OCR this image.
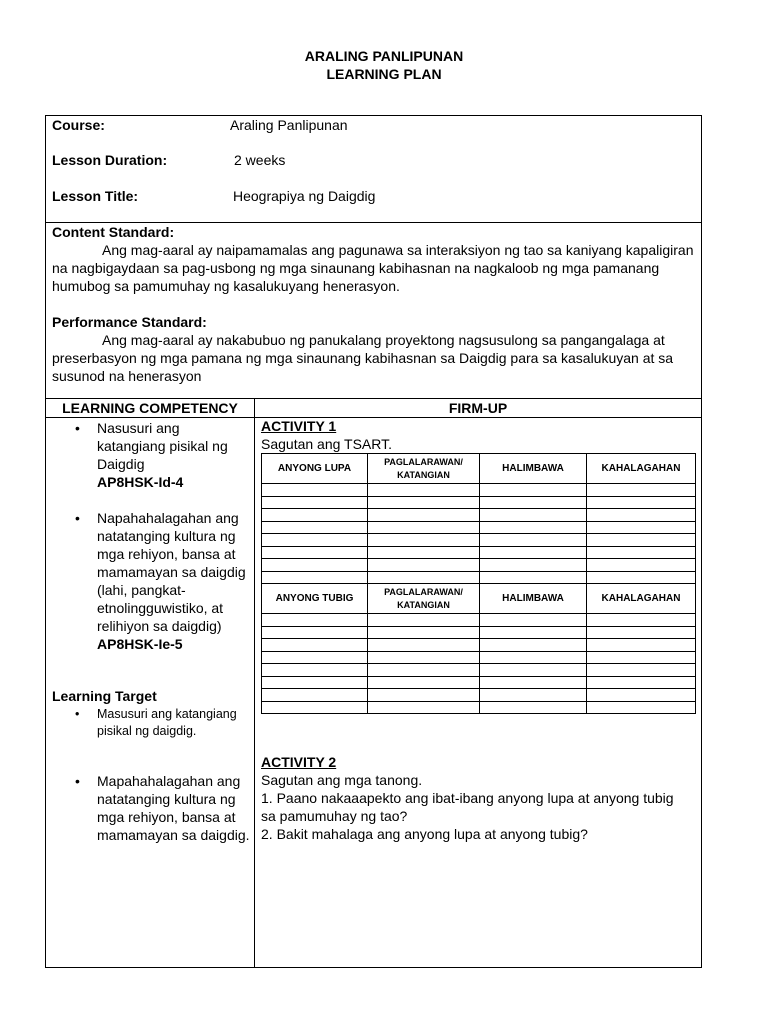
ARALING PANLIPUNAN
LEARNING PLAN
Course:	Araling Panlipunan
Lesson Duration:	2 weeks
Lesson Title:	Heograpiya ng Daigdig
Content Standard:
Ang mag-aaral ay naipamamalas ang pagunawa sa interaksiyon ng tao sa kaniyang kapaligiran na nagbigaydaan sa pag-usbong ng mga sinaunang kabihasnan na nagkaloob ng mga pamanang humubog sa pamumuhay ng kasalukuyang henerasyon.
Performance Standard:
Ang mag-aaral ay nakabubuo ng panukalang proyektong nagsusulong sa pangangalaga at preserbasyon ng mga pamana ng mga sinaunang kabihasnan sa Daigdig para sa kasalukuyan at sa susunod na henerasyon
LEARNING COMPETENCY	FIRM-UP
• Nasusuri ang katangiang pisikal ng Daigdig
AP8HSK-Id-4
• Napahahalagahan ang natatanging kultura ng mga rehiyon, bansa at mamamayan sa daigdig (lahi, pangkat-etnolingguwistiko, at relihiyon sa daigdig)
AP8HSK-Ie-5
Learning Target
• Masusuri ang katangiang pisikal ng daigdig.
• Mapahahalagahan ang natatanging kultura ng mga rehiyon, bansa at mamamayan sa daigdig.
ACTIVITY 1
Sagutan ang TSART.
ANYONG LUPA	PAGLALARAWAN/ KATANGIAN	HALIMBAWA	KAHALAGAHAN

ANYONG TUBIG	PAGLALARAWAN/ KATANGIAN	HALIMBAWA	KAHALAGAHAN

ACTIVITY 2
Sagutan ang mga tanong.
1. Paano nakaaapekto ang ibat-ibang anyong lupa at anyong tubig sa pamumuhay ng tao?
2. Bakit mahalaga ang anyong lupa at anyong tubig?
